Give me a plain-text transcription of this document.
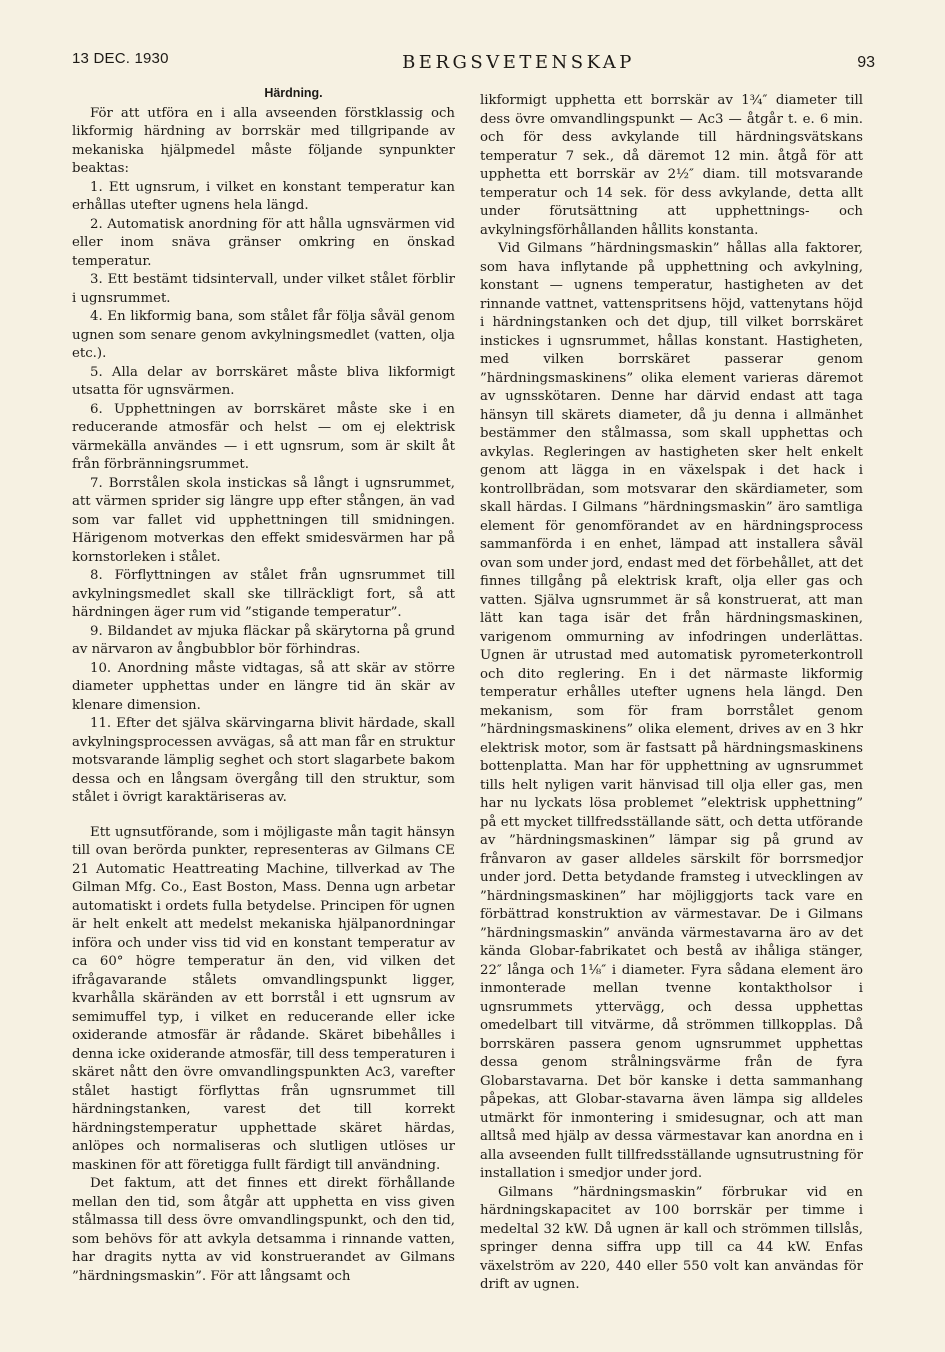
13 DEC. 1930	BERGSVETENSKAP	93
Härdning.

För att utföra en i alla avseenden förstklassig och likformig härdning av borrskär med tillgripande av mekaniska hjälpmedel måste följande synpunkter beaktas:

1. Ett ugnsrum, i vilket en konstant temperatur kan erhållas utefter ugnens hela längd.

2. Automatisk anordning för att hålla ugnsvärmen vid eller inom snäva gränser omkring en önskad temperatur.

3. Ett bestämt tidsintervall, under vilket stålet förblir i ugnsrummet.

4. En likformig bana, som stålet får följa såväl genom ugnen som senare genom avkylningsmedlet (vatten, olja etc.).

5. Alla delar av borrskäret måste bliva likformigt utsatta för ugnsvärmen.

6. Upphettningen av borrskäret måste ske i en reducerande atmosfär och helst — om ej elektrisk värmekälla användes — i ett ugnsrum, som är skilt åt från förbränningsrummet.

7. Borrstålen skola instickas så långt i ugnsrummet, att värmen sprider sig längre upp efter stången, än vad som var fallet vid upphettningen till smidningen. Härigenom motverkas den effekt smidesvärmen har på kornstorleken i stålet.

8. Förflyttningen av stålet från ugnsrummet till avkylningsmedlet skall ske tillräckligt fort, så att härdningen äger rum vid ”stigande temperatur”.

9. Bildandet av mjuka fläckar på skärytorna på grund av närvaron av ångbubblor bör förhindras.

10. Anordning måste vidtagas, så att skär av större diameter upphettas under en längre tid än skär av klenare dimension.

11. Efter det själva skärvingarna blivit härdade, skall avkylningsprocessen avvägas, så att man får en struktur motsvarande lämplig seghet och stort slagarbete bakom dessa och en långsam övergång till den struktur, som stålet i övrigt karaktäriseras av.

Ett ugnsutförande, som i möjligaste mån tagit hänsyn till ovan berörda punkter, representeras av Gilmans CE 21 Automatic Heattreating Machine, tillverkad av The Gilman Mfg. Co., East Boston, Mass. Denna ugn arbetar automatiskt i ordets fulla betydelse. Principen för ugnen är helt enkelt att medelst mekaniska hjälpanordningar införa och under viss tid vid en konstant temperatur av ca 60° högre temperatur än den, vid vilken det ifrågavarande stålets omvandlingspunkt ligger, kvarhålla skäränden av ett borrstål i ett ugnsrum av semimuffel typ, i vilket en reducerande eller icke oxiderande atmosfär är rådande. Skäret bibehålles i denna icke oxiderande atmosfär, till dess temperaturen i skäret nått den övre omvandlingspunkten Ac3, varefter stålet hastigt förflyttas från ugnsrummet till härdningstanken, varest det till korrekt härdningstemperatur upphettade skäret härdas, anlöpes och normaliseras och slutligen utlöses ur maskinen för att företiggа fullt färdigt till användning.

Det faktum, att det finnes ett direkt förhållande mellan den tid, som åtgår att upphetta en viss given stålmassa till dess övre omvandlingspunkt, och den tid, som behövs för att avkyla detsamma i rinnande vatten, har dragits nytta av vid konstruerandet av Gilmans ”härdningsmaskin”. För att långsamt och

likformigt upphetta ett borrskär av 1¾″ diameter till dess övre omvandlingspunkt — Ac3 — åtgår t. e. 6 min. och för dess avkylande till härdningsvätskans temperatur 7 sek., då däremot 12 min. åtgå för att upphetta ett borrskär av 2½″ diam. till motsvarande temperatur och 14 sek. för dess avkylande, detta allt under förutsättning att upphettnings- och avkylningsförhållanden hållits konstanta.

Vid Gilmans ”härdningsmaskin” hållas alla faktorer, som hava inflytande på upphettning och avkylning, konstant — ugnens temperatur, hastigheten av det rinnande vattnet, vattenspritsens höjd, vattenytans höjd i härdningstanken och det djup, till vilket borrskäret instickes i ugnsrummet, hållas konstant. Hastigheten, med vilken borrskäret passerar genom ”härdningsmaskinens” olika element varieras däremot av ugnsskötaren. Denne har därvid endast att taga hänsyn till skärets diameter, då ju denna i allmänhet bestämmer den stålmassa, som skall upphettas och avkylas. Regleringen av hastigheten sker helt enkelt genom att lägga in en växelspak i det hack i kontrollbrädan, som motsvarar den skärdiameter, som skall härdas. I Gilmans ”härdningsmaskin” äro samtliga element för genomförandet av en härdningsprocess sammanförda i en enhet, lämpad att installera såväl ovan som under jord, endast med det förbehållet, att det finnes tillgång på elektrisk kraft, olja eller gas och vatten. Själva ugnsrummet är så konstruerat, att man lätt kan taga isär det från härdningsmaskinen, varigenom ommurning av infodringen underlättas. Ugnen är utrustad med automatisk pyrometerkontroll och dito reglering. En i det närmaste likformig temperatur erhålles utefter ugnens hela längd. Den mekanism, som för fram borrstålet genom ”härdningsmaskinens” olika element, drives av en 3 hkr elektrisk motor, som är fastsatt på härdningsmaskinens bottenplatta. Man har för upphettning av ugnsrummet tills helt nyligen varit hänvisad till olja eller gas, men har nu lyckats lösa problemet ”elektrisk upphettning” på ett mycket tillfredsställande sätt, och detta utförande av ”härdningsmaskinen” lämpar sig på grund av frånvaron av gaser alldeles särskilt för borrsmedjor under jord. Detta betydande framsteg i utvecklingen av ”härdningsmaskinen” har möjliggjorts tack vare en förbättrad konstruktion av värmestavar. De i Gilmans ”härdningsmaskin” använda värmestavarna äro av det kända Globar-fabrikatet och bestå av ihåliga stänger, 22″ långa och 1⅛″ i diameter. Fyra sådana element äro inmonterade mellan tvenne kontaktholsor i ugnsrummets yttervägg, och dessa upphettas omedelbart till vitvärme, då strömmen tillkopplas. Då borrskären passera genom ugnsrummet upphettas dessa genom strålningsvärme från de fyra Globarstavarna. Det bör kanske i detta sammanhang påpekas, att Globar-stavarna även lämpa sig alldeles utmärkt för inmontering i smidesugnar, och att man alltså med hjälp av dessa värmestavar kan anordna en i alla avseenden fullt tillfredsställande ugnsutrustning för installation i smedjor under jord.

Gilmans ”härdningsmaskin” förbrukar vid en härdningskapacitet av 100 borrskär per timme i medeltal 32 kW. Då ugnen är kall och strömmen tillslås, springer denna siffra upp till ca 44 kW. Enfas växelström av 220, 440 eller 550 volt kan användas för drift av ugnen.
